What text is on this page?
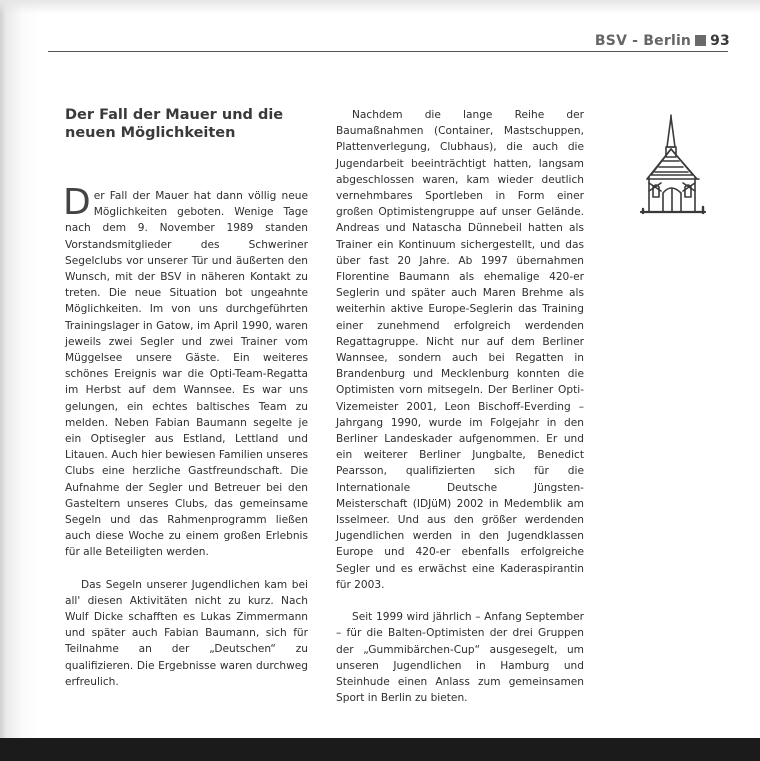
BSV - Berlin 93
Der Fall der Mauer und die neuen Möglichkeiten

Der Fall der Mauer hat dann völlig neue Möglichkeiten geboten. Wenige Tage nach dem 9. November 1989 standen Vorstandsmitglieder des Schweriner Segelclubs vor unserer Tür und äußerten den Wunsch, mit der BSV in näheren Kontakt zu treten. Die neue Situation bot ungeahnte Möglichkeiten. Im von uns durchgeführten Trainingslager in Gatow, im April 1990, waren jeweils zwei Segler und zwei Trainer vom Müggelsee unsere Gäste. Ein weiteres schönes Ereignis war die Opti-Team-Regatta im Herbst auf dem Wannsee. Es war uns gelungen, ein echtes baltisches Team zu melden. Neben Fabian Baumann segelte je ein Optisegler aus Estland, Lettland und Litauen. Auch hier bewiesen Familien unseres Clubs eine herzliche Gastfreundschaft. Die Aufnahme der Segler und Betreuer bei den Gasteltern unseres Clubs, das gemeinsame Segeln und das Rahmenprogramm ließen auch diese Woche zu einem großen Erlebnis für alle Beteiligten werden.

Das Segeln unserer Jugendlichen kam bei all' diesen Aktivitäten nicht zu kurz. Nach Wulf Dicke schafften es Lukas Zimmermann und später auch Fabian Baumann, sich für Teilnahme an der „Deutschen“ zu qualifizieren. Die Ergebnisse waren durchweg erfreulich.

Nachdem die lange Reihe der Baumaßnahmen (Container, Mastschuppen, Plattenverlegung, Clubhaus), die auch die Jugendarbeit beeinträchtigt hatten, langsam abgeschlossen waren, kam wieder deutlich vernehmbares Sportleben in Form einer großen Optimistengruppe auf unser Gelände. Andreas und Natascha Dünnebeil hatten als Trainer ein Kontinuum sichergestellt, und das über fast 20 Jahre. Ab 1997 übernahmen Florentine Baumann als ehemalige 420-er Seglerin und später auch Maren Brehme als weiterhin aktive Europe-Seglerin das Training einer zunehmend erfolgreich werdenden Regattagruppe. Nicht nur auf dem Berliner Wannsee, sondern auch bei Regatten in Brandenburg und Mecklenburg konnten die Optimisten vorn mitsegeln. Der Berliner Opti-Vizemeister 2001, Leon Bischoff-Everding – Jahrgang 1990, wurde im Folgejahr in den Berliner Landeskader aufgenommen. Er und ein weiterer Berliner Jungbalte, Benedict Pearsson, qualifizierten sich für die Internationale Deutsche Jüngsten-Meisterschaft (IDJüM) 2002 in Medemblik am Isselmeer. Und aus den größer werdenden Jugendlichen werden in den Jugendklassen Europe und 420-er ebenfalls erfolgreiche Segler und es erwächst eine Kaderaspirantin für 2003.

Seit 1999 wird jährlich – Anfang September – für die Balten-Optimisten der drei Gruppen der „Gummibärchen-Cup“ ausgesegelt, um unseren Jugendlichen in Hamburg und Steinhude einen Anlass zum gemeinsamen Sport in Berlin zu bieten.
